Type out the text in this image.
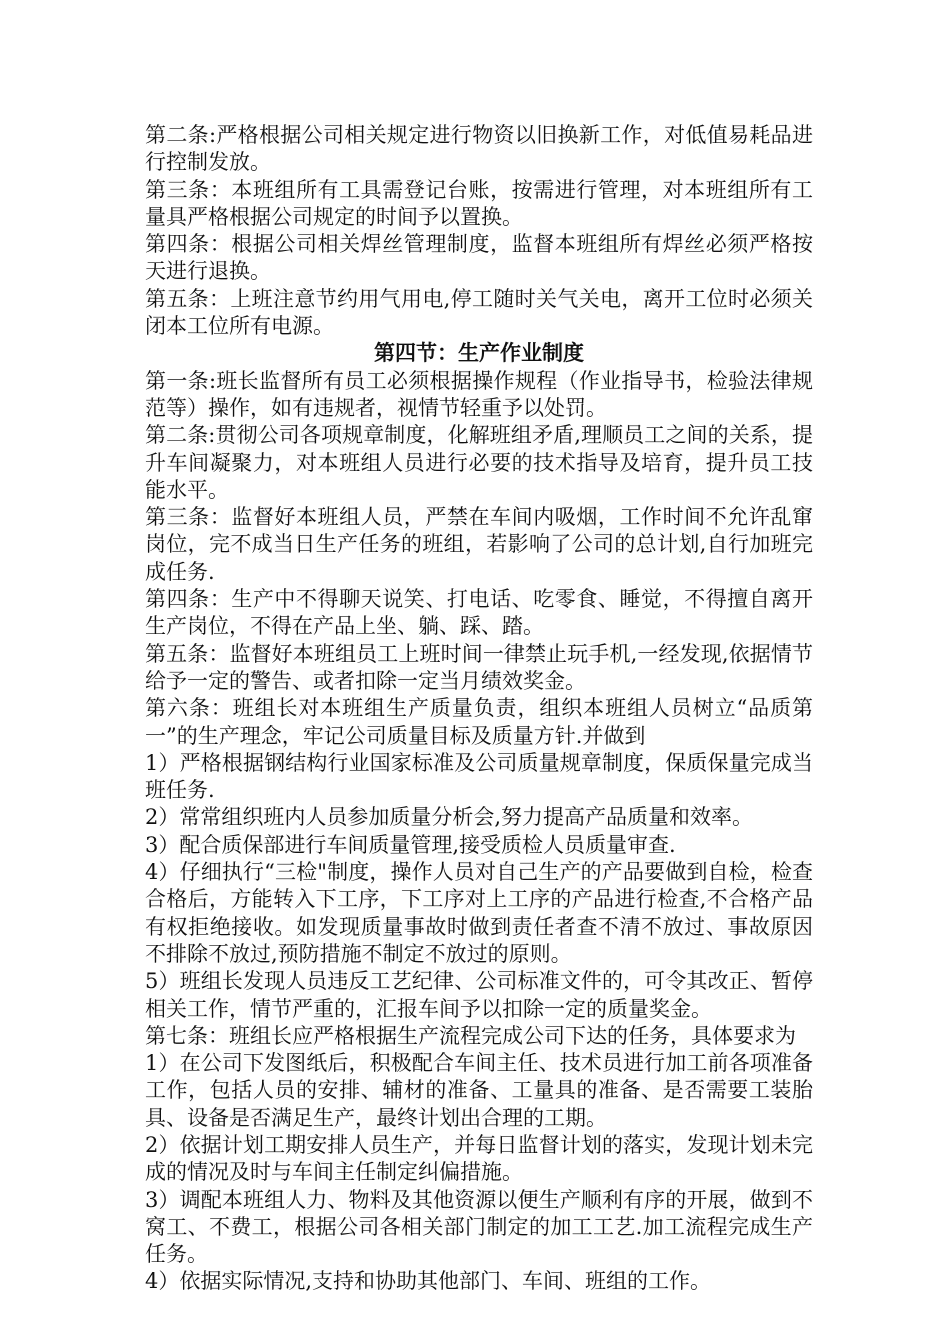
第二条:严格根据公司相关规定进行物资以旧换新工作，对低值易耗品进行控制发放。

第三条：本班组所有工具需登记台账，按需进行管理，对本班组所有工量具严格根据公司规定的时间予以置换。

第四条：根据公司相关焊丝管理制度，监督本班组所有焊丝必须严格按天进行退换。

第五条：上班注意节约用气用电,停工随时关气关电，离开工位时必须关闭本工位所有电源。

第四节：生产作业制度

第一条:班长监督所有员工必须根据操作规程（作业指导书，检验法律规范等）操作，如有违规者，视情节轻重予以处罚。

第二条:贯彻公司各项规章制度，化解班组矛盾,理顺员工之间的关系，提升车间凝聚力，对本班组人员进行必要的技术指导及培育，提升员工技能水平。

第三条：监督好本班组人员，严禁在车间内吸烟，工作时间不允许乱窜岗位，完不成当日生产任务的班组，若影响了公司的总计划,自行加班完成任务.

第四条：生产中不得聊天说笑、打电话、吃零食、睡觉，不得擅自离开生产岗位，不得在产品上坐、躺、踩、踏。

第五条：监督好本班组员工上班时间一律禁止玩手机,一经发现,依据情节给予一定的警告、或者扣除一定当月绩效奖金。

第六条：班组长对本班组生产质量负责，组织本班组人员树立“品质第一”的生产理念，牢记公司质量目标及质量方针.并做到

1）严格根据钢结构行业国家标准及公司质量规章制度，保质保量完成当班任务.

2）常常组织班内人员参加质量分析会,努力提高产品质量和效率。

3）配合质保部进行车间质量管理,接受质检人员质量审查.

4）仔细执行“三检"制度，操作人员对自己生产的产品要做到自检，检查合格后，方能转入下工序，下工序对上工序的产品进行检查,不合格产品有权拒绝接收。如发现质量事故时做到责任者查不清不放过、事故原因不排除不放过,预防措施不制定不放过的原则。

5）班组长发现人员违反工艺纪律、公司标准文件的，可令其改正、暂停相关工作，情节严重的，汇报车间予以扣除一定的质量奖金。

第七条：班组长应严格根据生产流程完成公司下达的任务，具体要求为

1）在公司下发图纸后，积极配合车间主任、技术员进行加工前各项准备工作，包括人员的安排、辅材的准备、工量具的准备、是否需要工装胎具、设备是否满足生产，最终计划出合理的工期。

2）依据计划工期安排人员生产，并每日监督计划的落实，发现计划未完成的情况及时与车间主任制定纠偏措施。

3）调配本班组人力、物料及其他资源以便生产顺利有序的开展，做到不窝工、不费工，根据公司各相关部门制定的加工工艺.加工流程完成生产任务。

4）依据实际情况,支持和协助其他部门、车间、班组的工作。
